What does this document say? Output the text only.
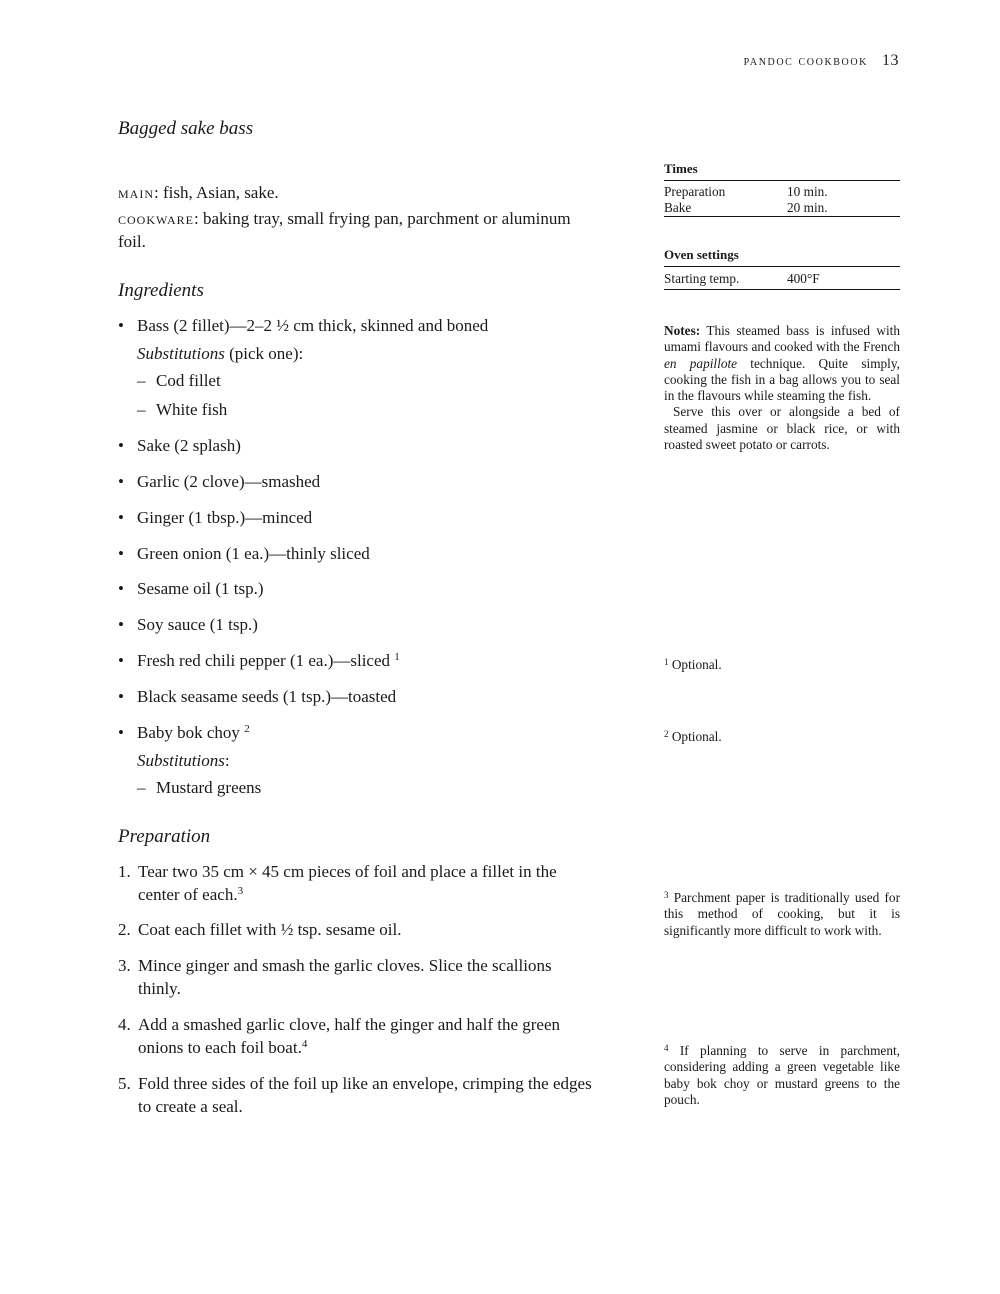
pandoc cookbook 13
Bagged sake bass

main: fish, Asian, sake.

cookware: baking tray, small frying pan, parchment or aluminum

foil.

Ingredients
• Bass (2 fillet)—2–2 ½ cm thick, skinned and boned
Substitutions (pick one):
– Cod fillet
– White fish
• Sake (2 splash)
• Garlic (2 clove)—smashed
• Ginger (1 tbsp.)—minced
• Green onion (1 ea.)—thinly sliced
• Sesame oil (1 tsp.)
• Soy sauce (1 tsp.)
• Fresh red chili pepper (1 ea.)—sliced $^1$
• Black seasame seeds (1 tsp.)—toasted
• Baby bok choy $^2$
Substitutions:
– Mustard greens
Preparation
1. Tear two 35 cm × 45 cm pieces of foil and place a fillet in the
center of each.$^3$
2. Coat each fillet with ½ tsp. sesame oil.
3. Mince ginger and smash the garlic cloves. Slice the scallions
thinly.
4. Add a smashed garlic clove, half the ginger and half the green
onions to each foil boat.$^4$
5. Fold three sides of the foil up like an envelope, crimping the edges
to create a seal.
Times
Preparation	10 min.
Bake	20 min.
Oven settings
Starting temp.	400°F
Notes: This steamed bass is infused with umami flavours and cooked with the French en papillote technique. Quite simply, cooking the fish in a bag allows you to seal in the flavours while steaming the fish.
Serve this over or alongside a bed of steamed jasmine or black rice, or with roasted sweet potato or carrots.
$^1$ Optional.
$^2$ Optional.
$^3$ Parchment paper is traditionally used for this method of cooking, but it is significantly more difficult to work with.
$^4$ If planning to serve in parchment, considering adding a green vegetable like baby bok choy or mustard greens to the pouch.
